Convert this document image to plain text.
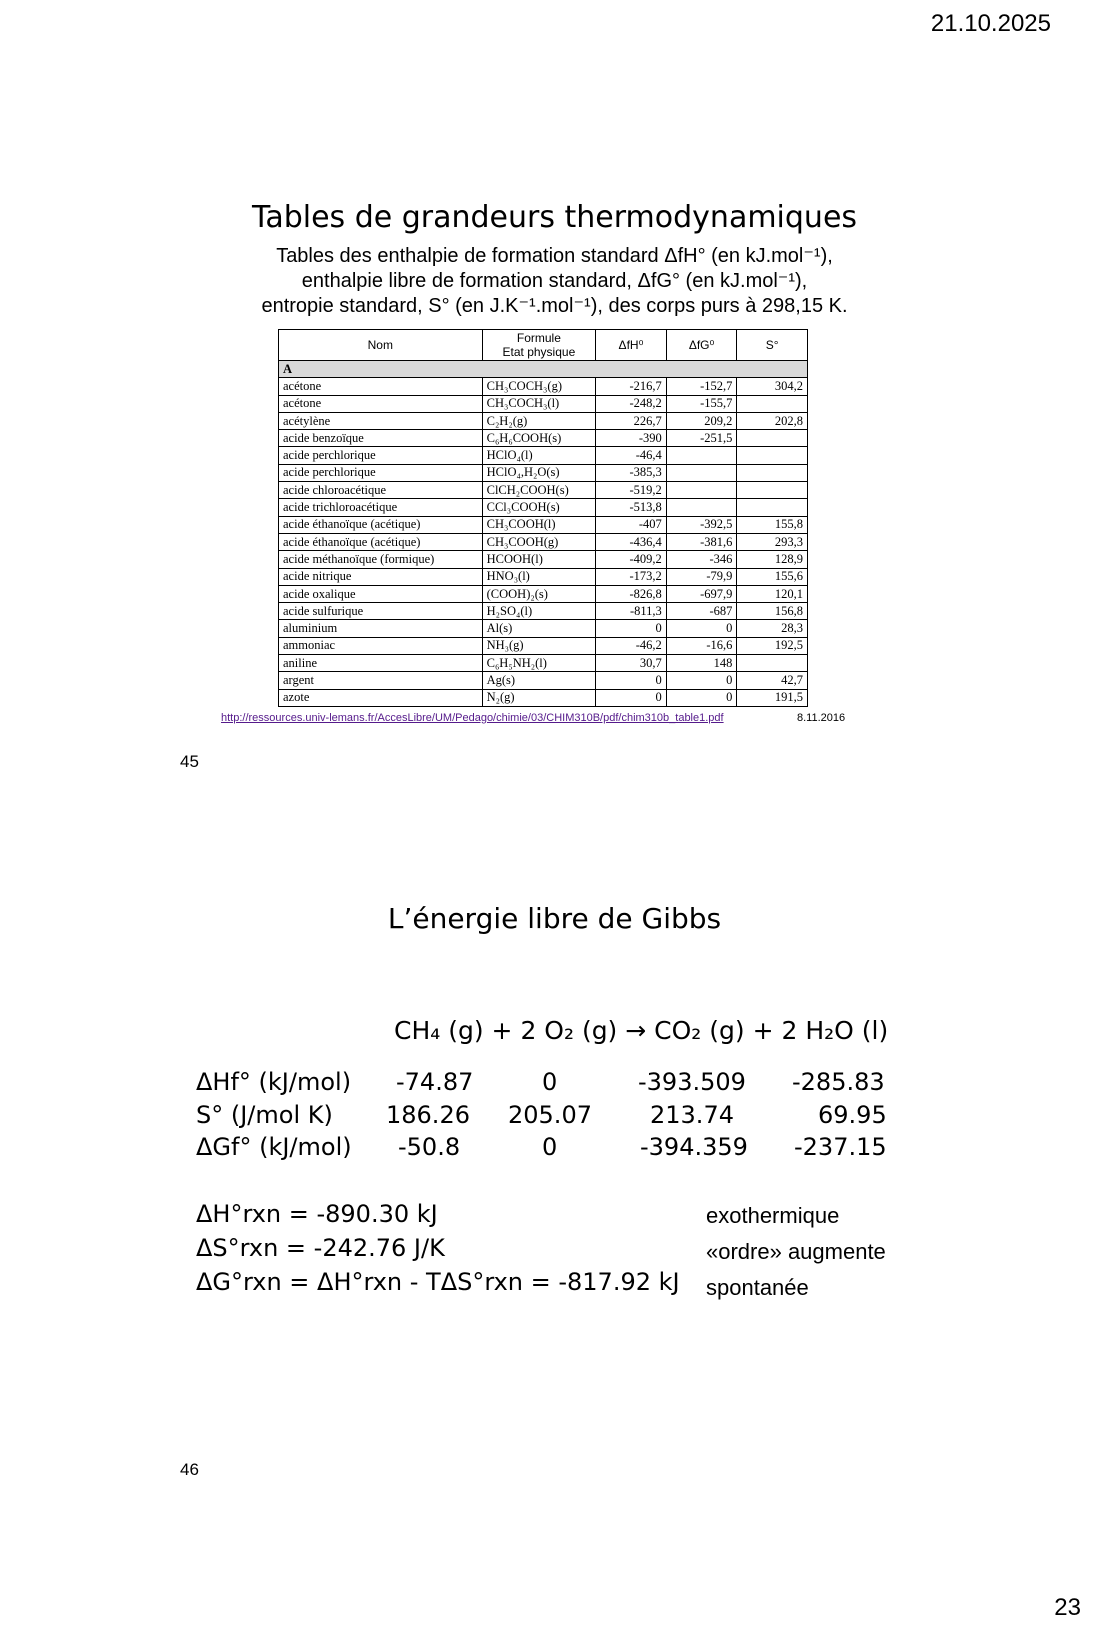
21.10.2025
Tables de grandeurs thermodynamiques
Tables des enthalpie de formation standard ΔfH° (en kJ.mol⁻¹),
enthalpie libre de formation standard, ΔfG° (en kJ.mol⁻¹),
entropie standard, S° (en J.K⁻¹.mol⁻¹), des corps purs à 298,15 K.
Nom	Formule
Etat physique	ΔfH⁰	ΔfG⁰	S°
A				
acétone	CH₃COCH₃(g)	-216,7	-152,7	304,2
acétone	CH₃COCH₃(l)	-248,2	-155,7	
acétylène	C₂H₂(g)	226,7	209,2	202,8
acide benzoïque	C₆H₆COOH(s)	-390	-251,5	
acide perchlorique	HClO₄(l)	-46,4		
acide perchlorique	HClO₄,H₂O(s)	-385,3		
acide chloroacétique	ClCH₂COOH(s)	-519,2		
acide trichloroacétique	CCl₃COOH(s)	-513,8		
acide éthanoïque (acétique)	CH₃COOH(l)	-407	-392,5	155,8
acide éthanoïque (acétique)	CH₃COOH(g)	-436,4	-381,6	293,3
acide méthanoïque (formique)	HCOOH(l)	-409,2	-346	128,9
acide nitrique	HNO₃(l)	-173,2	-79,9	155,6
acide oxalique	(COOH)₂(s)	-826,8	-697,9	120,1
acide sulfurique	H₂SO₄(l)	-811,3	-687	156,8
aluminium	Al(s)	0	0	28,3
ammoniac	NH₃(g)	-46,2	-16,6	192,5
aniline	C₆H₅NH₂(l)	30,7	148	
argent	Ag(s)	0	0	42,7
azote	N₂(g)	0	0	191,5
http://ressources.univ-lemans.fr/AccesLibre/UM/Pedago/chimie/03/CHIM310B/pdf/chim310b_table1.pdf	8.11.2016
45
L’énergie libre de Gibbs
CH₄ (g) + 2 O₂ (g) → CO₂ (g) + 2 H₂O (l)
ΔHf° (kJ/mol) -74.87	0	-393.509 -285.83
S° (J/mol K) 186.26 205.07 213.74	69.95
ΔGf° (kJ/mol) -50.8	0	-394.359 -237.15
ΔH°rxn = -890.30 kJ
ΔS°rxn = -242.76 J/K
ΔG°rxn = ΔH°rxn - TΔS°rxn = -817.92 kJ
exothermique
«ordre» augmente
spontanée
46
23
